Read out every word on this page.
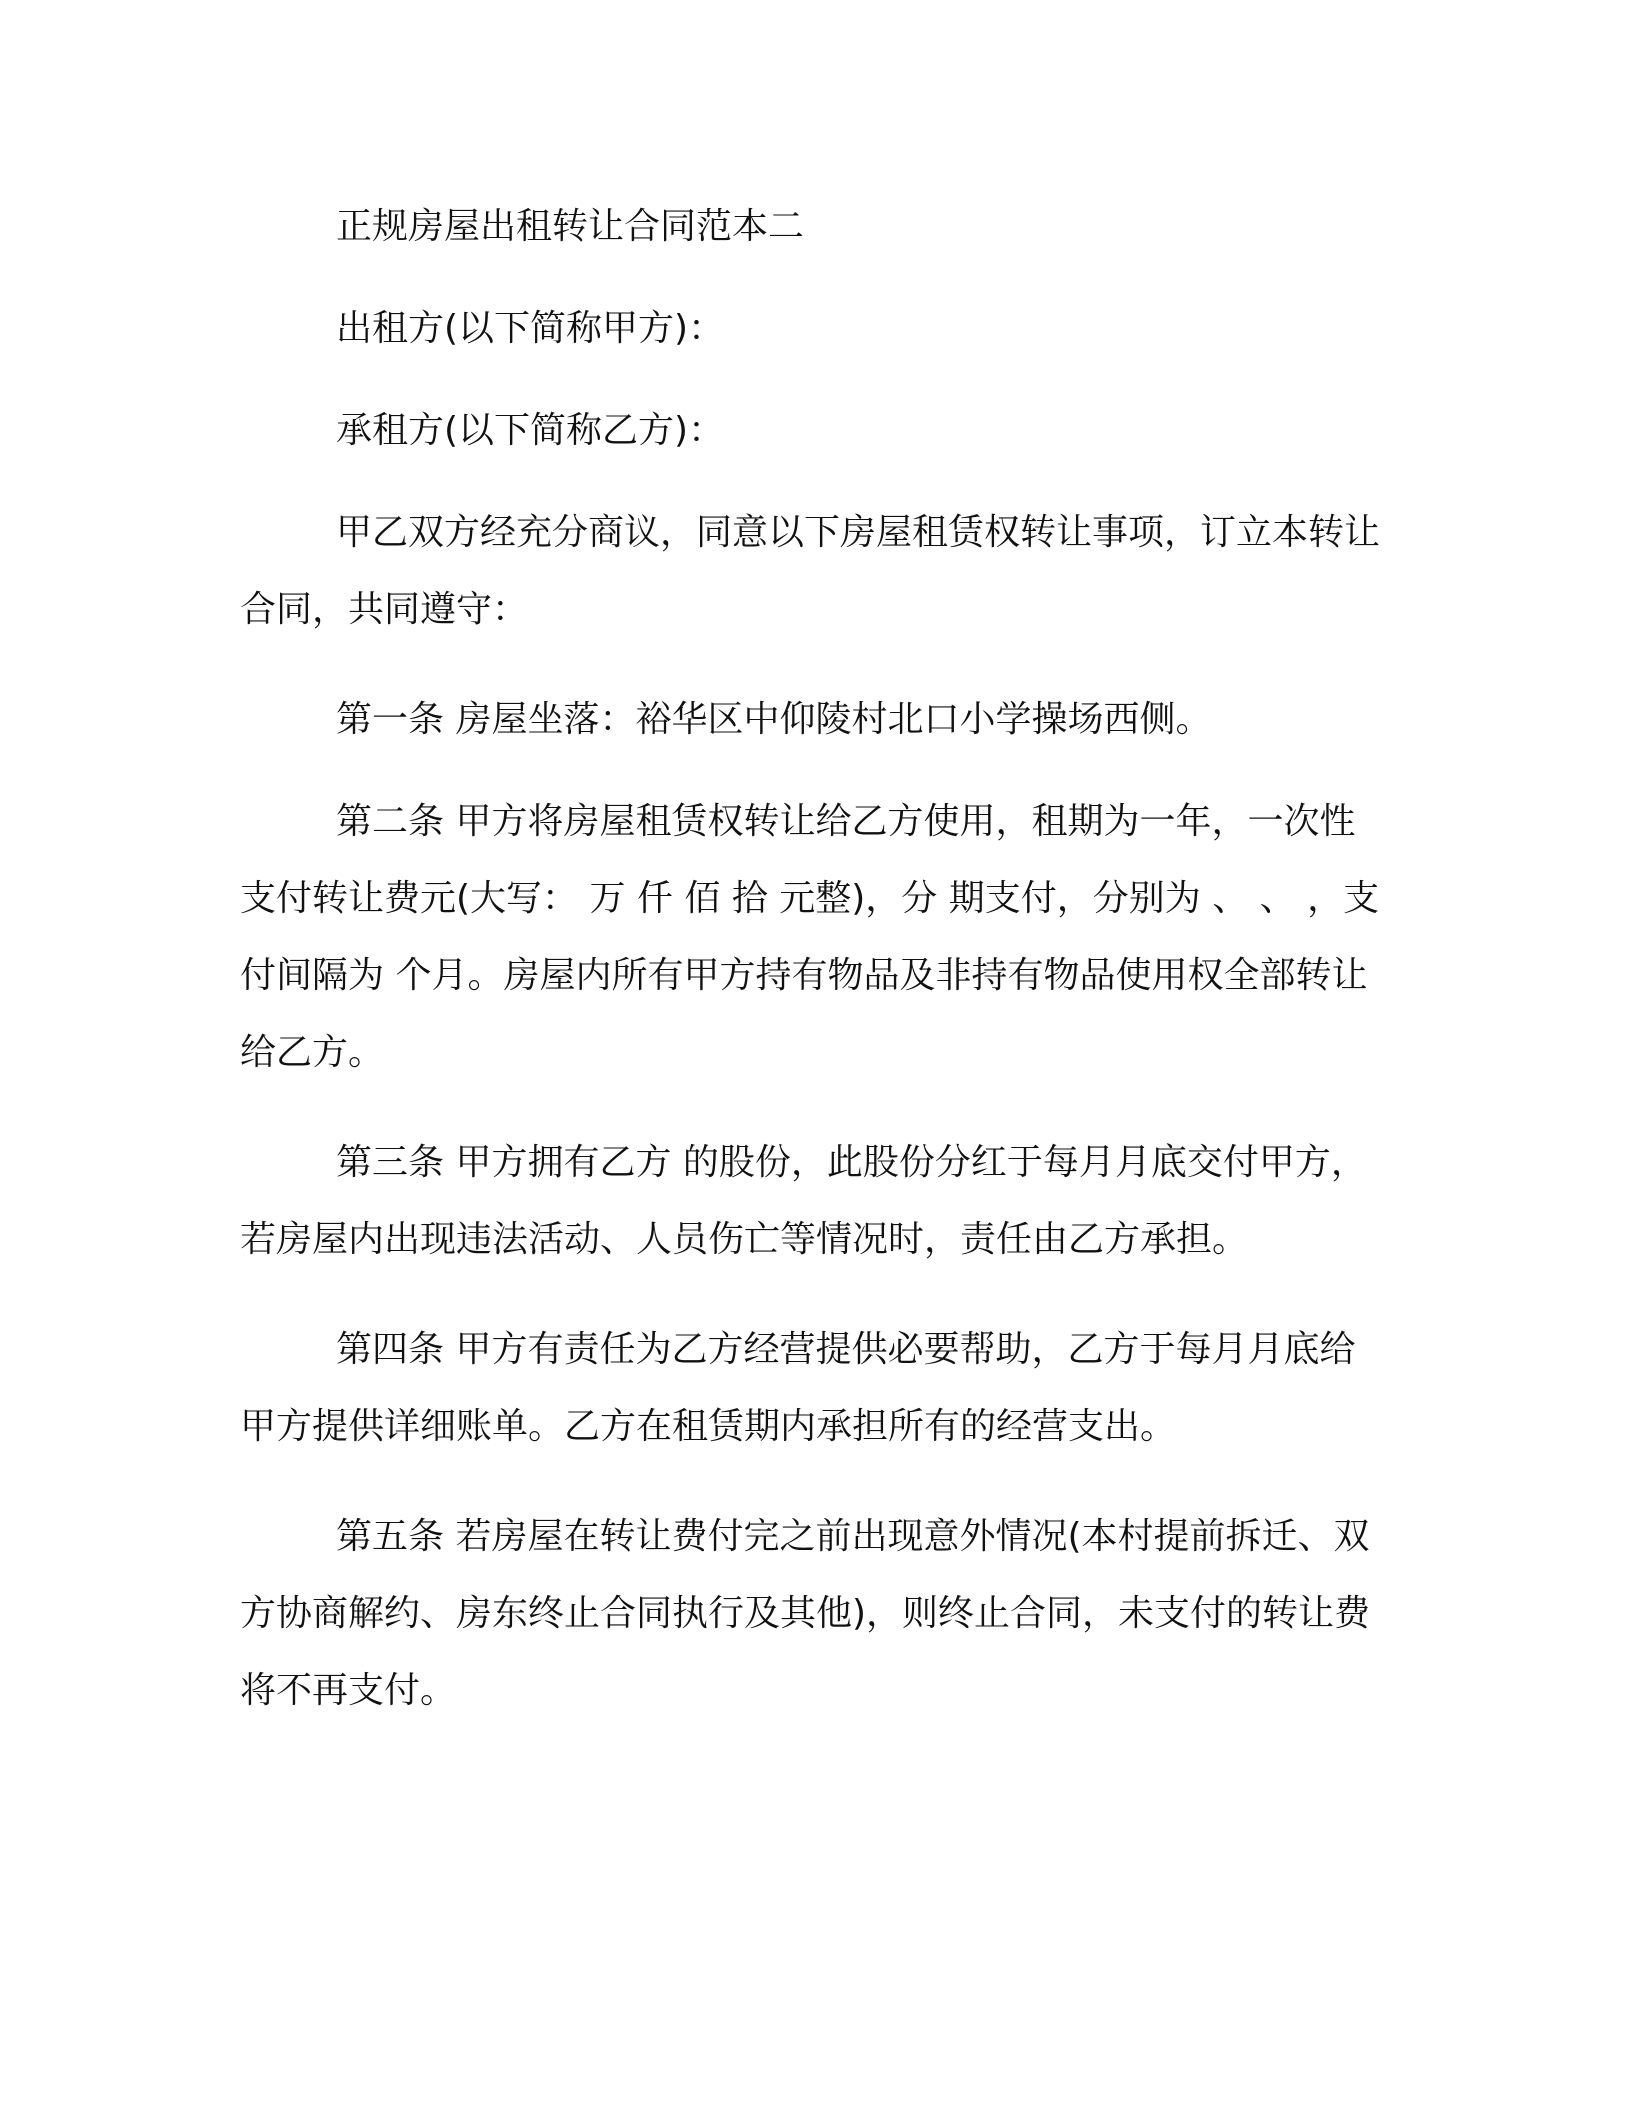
正规房屋出租转让合同范本二

出租方(以下简称甲方)：

承租方(以下简称乙方)：

甲乙双方经充分商议，同意以下房屋租赁权转让事项，订立本转让合同，共同遵守：

第一条 房屋坐落：裕华区中仰陵村北口小学操场西侧。

第二条 甲方将房屋租赁权转让给乙方使用，租期为一年，一次性支付转让费元(大写： 万 仟 佰 拾 元整)，分 期支付，分别为 、 、 ，支付间隔为 个月。房屋内所有甲方持有物品及非持有物品使用权全部转让给乙方。

第三条 甲方拥有乙方 的股份，此股份分红于每月月底交付甲方，若房屋内出现违法活动、人员伤亡等情况时，责任由乙方承担。

第四条 甲方有责任为乙方经营提供必要帮助，乙方于每月月底给甲方提供详细账单。乙方在租赁期内承担所有的经营支出。

第五条 若房屋在转让费付完之前出现意外情况(本村提前拆迁、双方协商解约、房东终止合同执行及其他)，则终止合同，未支付的转让费将不再支付。
